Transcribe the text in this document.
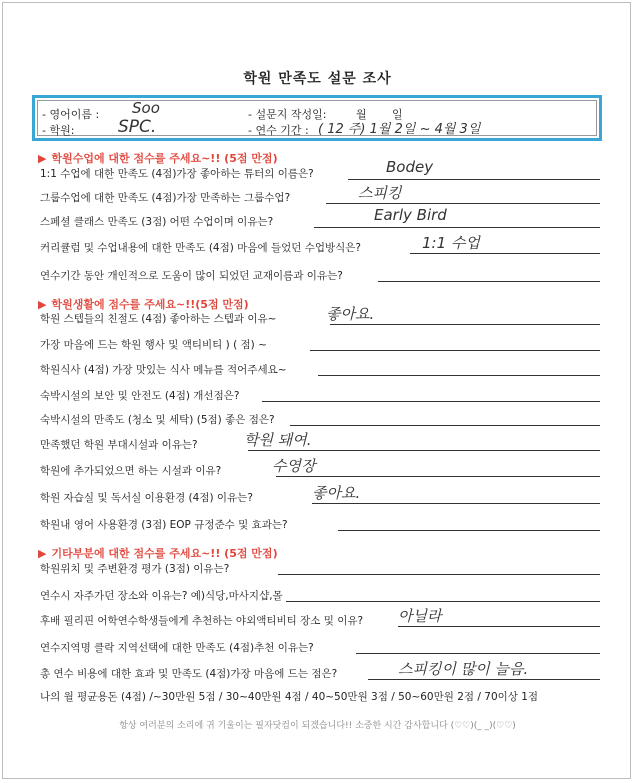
학원 만족도 설문 조사
- 영어이름 : Soo
- 학원:	SPC.
- 설문지 작성일:	월 일
- 연수 기간 : ( 12 주) 1월 2일 ~ 4월 3일
▶ 학원수업에 대한 점수를 주세요~!! (5점 만점)
1:1 수업에 대한 만족도 (4점)가장 좋아하는 튜터의 이름은?	Bodey
그룹수업에 대한 만족도 (4점)가장 만족하는 그룹수업?	스피킹
스페셜 클래스 만족도 (3점) 어떤 수업이며 이유는?	Early Bird
커리큘럼 및 수업내용에 대한 만족도 (4점) 마음에 들었던 수업방식은?	1:1 수업
연수기간 동안 개인적으로 도움이 많이 되었던 교재이름과 이유는?
학원 스텝들의 친절도 (4점) 좋아하는 스텝과 이유~	좋아요.
가장 마음에 드는 학원 행사 및 액티비티 ) ( 점) ~
학원식사 (4점) 가장 맛있는 식사 메뉴를 적어주세요~
숙박시설의 보안 및 안전도 (4점) 개선점은?
숙박시설의 만족도 (청소 및 세탁) (5점) 좋은 점은?
만족했던 학원 부대시설과 이유는?	학원 돼여.
학원에 추가되었으면 하는 시설과 이유?	수영장
학원 자습실 및 독서실 이용환경 (4점) 이유는?	좋아요.
학원내 영어 사용환경 (3점) EOP 규정준수 및 효과는?
학원위치 및 주변환경 평가 (3점) 이유는?
연수시 자주가던 장소와 이유는? 예)식당,마사지샵,몰
후배 필리핀 어학연수학생들에게 추천하는 야외액티비티 장소 및 이유? 아닐라
연수지역명 클락 지역선택에 대한 만족도 (4점)추천 이유는?
총 연수 비용에 대한 효과 및 만족도 (4점)가장 마음에 드는 점은?	스피킹이 많이 늘음.
▶ 학원생활에 점수를 주세요~!!(5점 만점)
▶ 기타부분에 대한 점수를 주세요~!! (5점 만점)
나의 월 평균용돈 (4점) /~30만원 5점 / 30~40만원 4점 / 40~50만원 3점 / 50~60만원 2점 / 70이상 1점
항상 여러분의 소리에 귀 기울이는 필자닷컴이 되겠습니다!! 소중한 시간 감사합니다 (♡♡)(_ _)(♡♡)
